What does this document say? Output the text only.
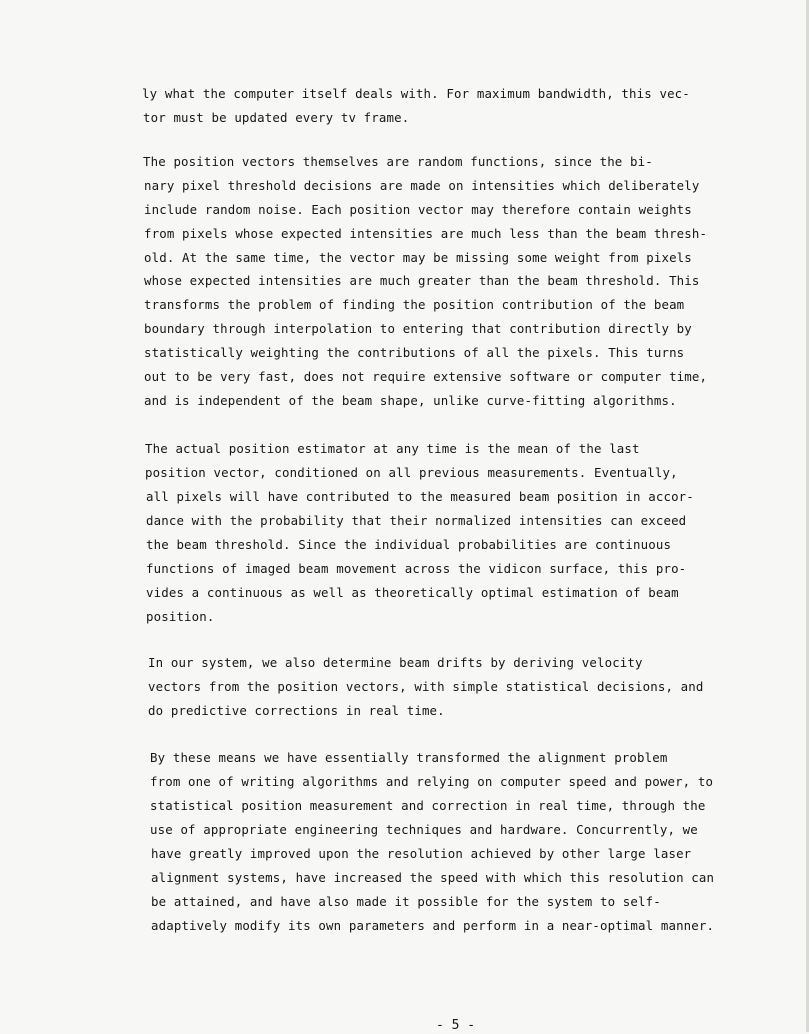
ly what the computer itself deals with. For maximum bandwidth, this vec-
tor must be updated every tv frame.
The position vectors themselves are random functions, since the bi-
nary pixel threshold decisions are made on intensities which deliberately
include random noise. Each position vector may therefore contain weights
from pixels whose expected intensities are much less than the beam thresh-
old. At the same time, the vector may be missing some weight from pixels
whose expected intensities are much greater than the beam threshold. This
transforms the problem of finding the position contribution of the beam
boundary through interpolation to entering that contribution directly by
statistically weighting the contributions of all the pixels. This turns
out to be very fast, does not require extensive software or computer time,
and is independent of the beam shape, unlike curve-fitting algorithms.
The actual position estimator at any time is the mean of the last
position vector, conditioned on all previous measurements. Eventually,
all pixels will have contributed to the measured beam position in accor-
dance with the probability that their normalized intensities can exceed
the beam threshold. Since the individual probabilities are continuous
functions of imaged beam movement across the vidicon surface, this pro-
vides a continuous as well as theoretically optimal estimation of beam
position.
In our system, we also determine beam drifts by deriving velocity
vectors from the position vectors, with simple statistical decisions, and
do predictive corrections in real time.
By these means we have essentially transformed the alignment problem
from one of writing algorithms and relying on computer speed and power, to
statistical position measurement and correction in real time, through the
use of appropriate engineering techniques and hardware. Concurrently, we
have greatly improved upon the resolution achieved by other large laser
alignment systems, have increased the speed with which this resolution can
be attained, and have also made it possible for the system to self-
adaptively modify its own parameters and perform in a near-optimal manner.
- 5 -
